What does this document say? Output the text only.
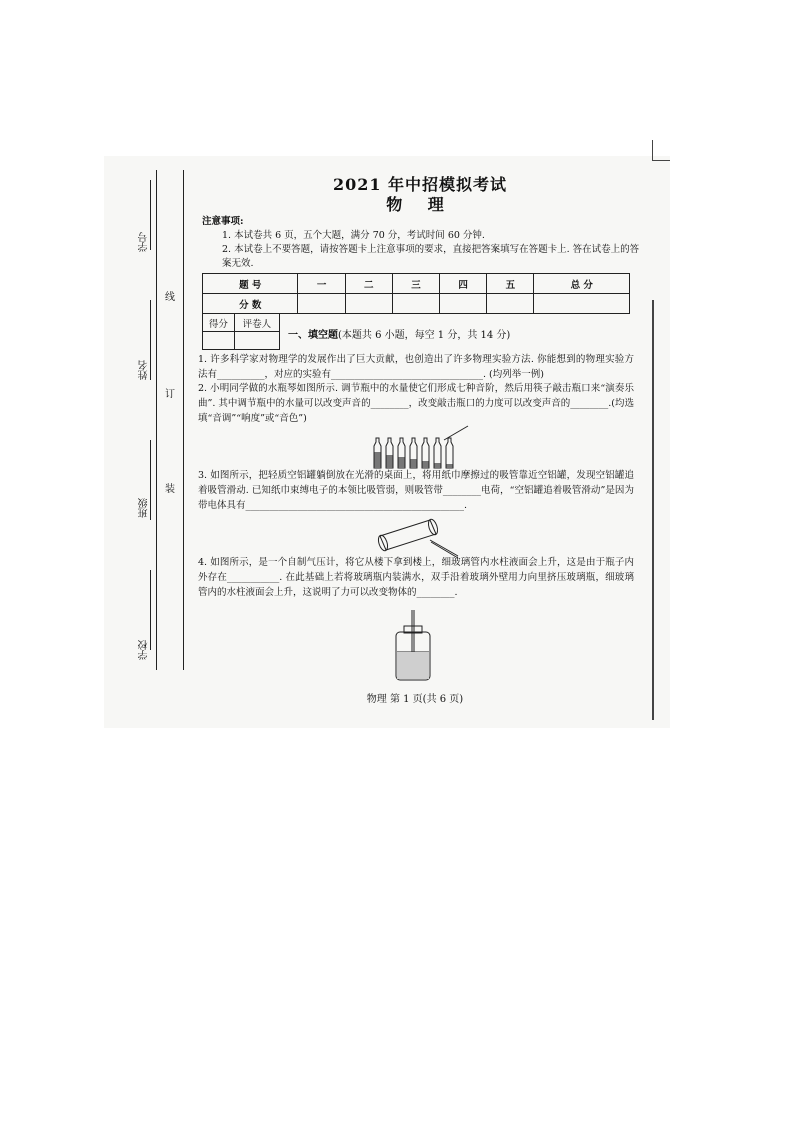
学号
姓名
班级
学校
线
订
装
2021 年中招模拟考试
物 理
注意事项:
1. 本试卷共 6 页，五个大题，满分 70 分，考试时间 60 分钟.
2. 本试卷上不要答题，请按答题卡上注意事项的要求，直接把答案填写在答题卡上. 答在试卷上的答案无效.
题 号	一	二	三	四	五	总 分
分 数						
得分	评卷人

一、填空题(本题共 6 小题，每空 1 分，共 14 分)
1. 许多科学家对物理学的发展作出了巨大贡献，也创造出了许多物理实验方法. 你能想到的物理实验方法有__________，对应的实验有________________________________. (均列举一例)
2. 小明同学做的水瓶琴如图所示. 调节瓶中的水量使它们形成七种音阶，然后用筷子敲击瓶口来“演奏乐曲”. 其中调节瓶中的水量可以改变声音的________，改变敲击瓶口的力度可以改变声音的________.(均选填“音调”“响度”或“音色”)
3. 如图所示，把轻质空铝罐躺倒放在光滑的桌面上，将用纸巾摩擦过的吸管靠近空铝罐，发现空铝罐追着吸管滑动. 已知纸巾束缚电子的本领比吸管弱，则吸管带________电荷，“空铝罐追着吸管滑动”是因为带电体具有______________________________________________.
4. 如图所示，是一个自制气压计，将它从楼下拿到楼上，细玻璃管内水柱液面会上升，这是由于瓶子内外存在___________. 在此基础上若将玻璃瓶内装满水，双手沿着玻璃外壁用力向里挤压玻璃瓶，细玻璃管内的水柱液面会上升，这说明了力可以改变物体的________.
物理 第 1 页(共 6 页)
